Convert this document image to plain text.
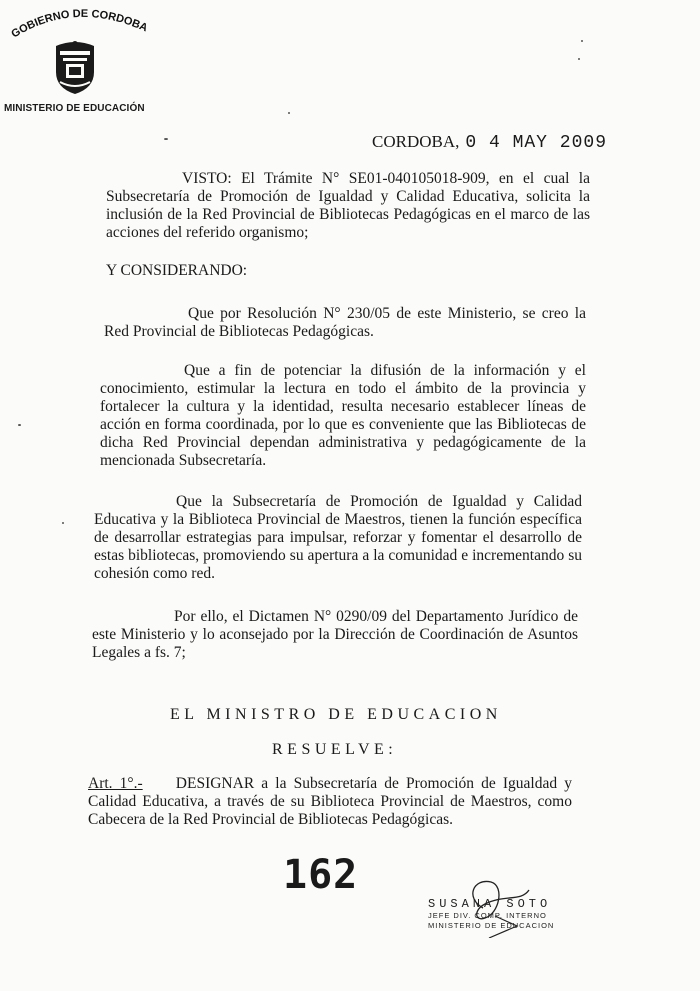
GOBIERNO DE CORDOBA
MINISTERIO DE EDUCACIÓN
CORDOBA, 0 4 MAY 2009
VISTO: El Trámite N° SE01-040105018-909, en el cual la Subsecretaría de Promoción de Igualdad y Calidad Educativa, solicita la inclusión de la Red Provincial de Bibliotecas Pedagógicas en el marco de las acciones del referido organismo;
Y CONSIDERANDO:
Que por Resolución N° 230/05 de este Ministerio, se creo la Red Provincial de Bibliotecas Pedagógicas.
Que a fin de potenciar la difusión de la información y el conocimiento, estimular la lectura en todo el ámbito de la provincia y fortalecer la cultura y la identidad, resulta necesario establecer líneas de acción en forma coordinada, por lo que es conveniente que las Bibliotecas de dicha Red Provincial dependan administrativa y pedagógicamente de la mencionada Subsecretaría.
Que la Subsecretaría de Promoción de Igualdad y Calidad Educativa y la Biblioteca Provincial de Maestros, tienen la función específica de desarrollar estrategias para impulsar, reforzar y fomentar el desarrollo de estas bibliotecas, promoviendo su apertura a la comunidad e incrementando su cohesión como red.
Por ello, el Dictamen N° 0290/09 del Departamento Jurídico de este Ministerio y lo aconsejado por la Dirección de Coordinación de Asuntos Legales a fs. 7;
EL MINISTRO DE EDUCACION
RESUELVE:
Art. 1°.- DESIGNAR a la Subsecretaría de Promoción de Igualdad y Calidad Educativa, a través de su Biblioteca Provincial de Maestros, como Cabecera de la Red Provincial de Bibliotecas Pedagógicas.
162
SUSANA SOTO
JEFE DIV. COMP. INTERNO
MINISTERIO DE EDUCACION
